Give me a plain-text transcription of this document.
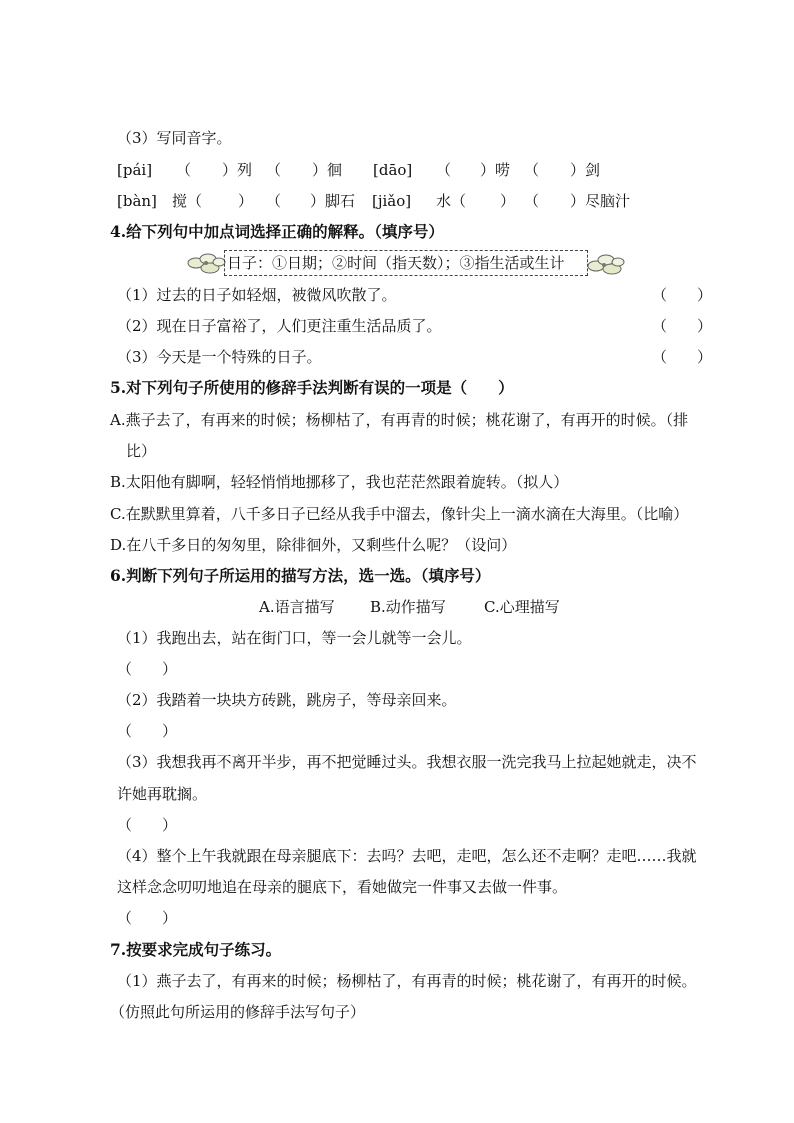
（3）写同音字。
[pái] （ ）列 （ ）徊 [dāo] （ ）唠 （ ）剑
[bàn] 搅（ ） （ ）脚石 [jiǎo] 水（ ） （ ）尽脑汁
4.给下列句中加点词选择正确的解释。（填序号）
日子：①日期；②时间（指天数）；③指生活或生计
（1）过去的日子如轻烟，被微风吹散了。	（　　）
（2）现在日子富裕了，人们更注重生活品质了。	（　　）
（3）今天是一个特殊的日子。	（　　）
5.对下列句子所使用的修辞手法判断有误的一项是（　　）
A.燕子去了，有再来的时候；杨柳枯了，有再青的时候；桃花谢了，有再开的时候。（排
比）
B.太阳他有脚啊，轻轻悄悄地挪移了，我也茫茫然跟着旋转。（拟人）
C.在默默里算着，八千多日子已经从我手中溜去，像针尖上一滴水滴在大海里。（比喻）
D.在八千多日的匆匆里，除徘徊外，又剩些什么呢？（设问）
6.判断下列句子所运用的描写方法，选一选。（填序号）
A.语言描写 B.动作描写	C.心理描写
（1）我跑出去，站在街门口，等一会儿就等一会儿。
（　　）
（2）我踏着一块块方砖跳，跳房子，等母亲回来。
（　　）
（3）我想我再不离开半步，再不把觉睡过头。我想衣服一洗完我马上拉起她就走，决不
许她再耽搁。
（　　）
（4）整个上午我就跟在母亲腿底下：去吗？去吧，走吧，怎么还不走啊？走吧……我就
这样念念叨叨地追在母亲的腿底下，看她做完一件事又去做一件事。
（　　）
7.按要求完成句子练习。
（1）燕子去了，有再来的时候；杨柳枯了，有再青的时候；桃花谢了，有再开的时候。
（仿照此句所运用的修辞手法写句子）
